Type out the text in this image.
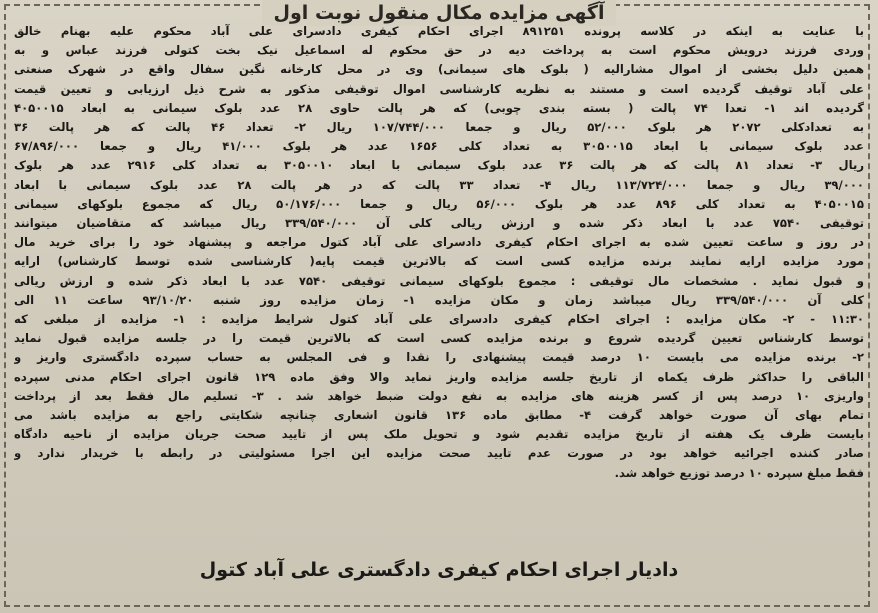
آگهی مزایده مکال منقول نوبت اول

با عنایت به اینکه در کلاسه پرونده ۸۹۱۲۵۱ اجرای احکام کیفری دادسرای علی آباد محکوم علیه بهنام خالق

وردی فرزند درویش محکوم است به پرداخت دیه در حق محکوم له اسماعیل نیک بخت کتولی فرزند عباس و به

همین دلیل بخشی از اموال مشارالیه ( بلوک های سیمانی) وی در محل کارخانه نگین سفال واقع در شهرک صنعتی

علی آباد توقیف گردیده است و مستند به نظریه کارشناسی اموال توقیفی مذکور به شرح ذیل ارزیابی و تعیین قیمت

گردیده اند ۱- تعدا ۷۴ پالت ( بسته بندی چوبی) که هر پالت حاوی ۲۸ عدد بلوک سیمانی به ابعاد ۴۰۵۰۰۱۵

به تعدادکلی ۲۰۷۲ هر بلوک ۵۲/۰۰۰ ریال و جمعا ۱۰۷/۷۴۴/۰۰۰ ریال ۲- تعداد ۴۶ پالت که هر پالت ۳۶

عدد بلوک سیمانی با ابعاد ۳۰۵۰۰۱۵ به تعداد کلی ۱۶۵۶ عدد هر بلوک ۴۱/۰۰۰ ریال و جمعا ۶۷/۸۹۶/۰۰۰

ریال ۳- تعداد ۸۱ پالت که هر پالت ۳۶ عدد بلوک سیمانی با ابعاد ۳۰۵۰۰۱۰ به تعداد کلی ۲۹۱۶ عدد هر بلوک

۳۹/۰۰۰ ریال و جمعا ۱۱۳/۷۲۴/۰۰۰ ریال ۴- تعداد ۳۳ پالت که در هر پالت ۲۸ عدد بلوک سیمانی با ابعاد

۴۰۵۰۰۱۵ به تعداد کلی ۸۹۶ عدد هر بلوک ۵۶/۰۰۰ ریال و جمعا ۵۰/۱۷۶/۰۰۰ ریال که مجموع بلوکهای سیمانی

توقیفی ۷۵۴۰ عدد با ابعاد ذکر شده و ارزش ریالی کلی آن ۳۳۹/۵۴۰/۰۰۰ ریال میباشد که متقاضیان میتوانند

در روز و ساعت تعیین شده به اجرای احکام کیفری دادسرای علی آباد کتول مراجعه و پیشنهاد خود را برای خرید مال

مورد مزایده ارایه نمایند برنده مزایده کسی است که بالاترین قیمت پایه( کارشناسی شده توسط کارشناس) ارایه

و قبول نماید . مشخصات مال توقیفی : مجموع بلوکهای سیمانی توقیفی ۷۵۴۰ عدد با ابعاد ذکر شده و ارزش ریالی

کلی آن ۳۳۹/۵۴۰/۰۰۰ ریال میباشد زمان و مکان مزایده ۱- زمان مزایده روز شنبه ۹۳/۱۰/۲۰ ساعت ۱۱ الی

۱۱:۳۰ - ۲- مکان مزایده : اجرای احکام کیفری دادسرای علی آباد کتول شرایط مزایده : ۱- مزایده از مبلغی که

توسط کارشناس تعیین گردیده شروع و برنده مزایده کسی است که بالاترین قیمت را در جلسه مزایده قبول نماید

۲- برنده مزایده می بایست ۱۰ درصد قیمت پیشنهادی را نقدا و فی المجلس به حساب سپرده دادگستری واریز و

الباقی را حداکثر ظرف یکماه از تاریخ جلسه مزایده واریز نماید والا وفق ماده ۱۲۹ قانون اجرای احکام مدنی سپرده

واریزی ۱۰ درصد پس از کسر هزینه های مزایده به نفع دولت ضبط خواهد شد . ۳- تسلیم مال فقط بعد از پرداخت

تمام بهای آن صورت خواهد گرفت ۴- مطابق ماده ۱۳۶ قانون اشعاری چنانچه شکایتی راجع به مزایده باشد می

بایست ظرف یک هفته از تاریخ مزایده تقدیم شود و تحویل ملک پس از تایید صحت جریان مزایده از ناحیه دادگاه

صادر کننده اجرائیه خواهد بود در صورت عدم تایید صحت مزایده این اجرا مسئولیتی در رابطه با خریدار ندارد و

فقط مبلغ سپرده ۱۰ درصد توزیع خواهد شد.

دادیار اجرای احکام کیفری دادگستری علی آباد کتول
